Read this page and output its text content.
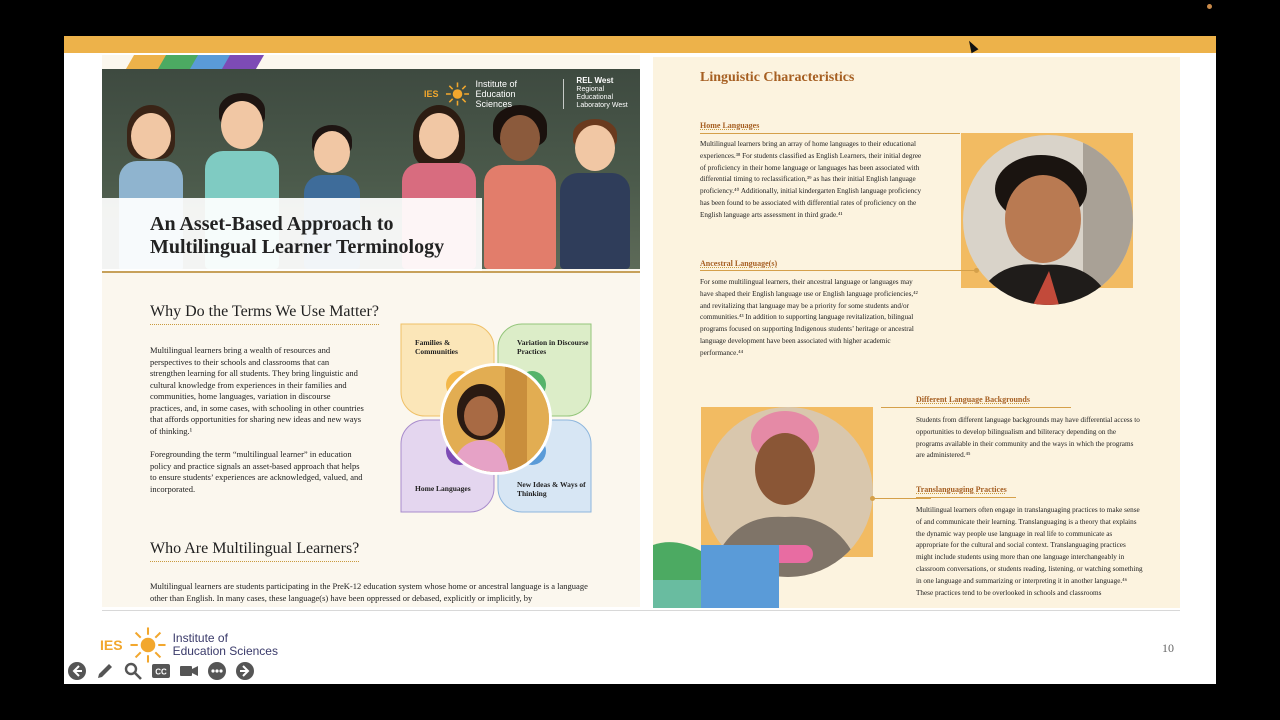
IES
Institute of
Education Sciences
REL West
Regional Educational
Laboratory West
An Asset-Based Approach to
Multilingual Learner Terminology
Why Do the Terms We Use Matter?
Multilingual learners bring a wealth of resources and perspectives to their schools and classrooms that can strengthen learning for all students. They bring linguistic and cultural knowledge from experiences in their families and communities, home languages, variation in discourse practices, and, in some cases, with schooling in other countries that affords opportunities for sharing new ideas and new ways of thinking.¹
Foregrounding the term “multilingual learner” in education policy and practice signals an asset-based approach that helps to ensure students’ experiences are acknowledged, valued, and incorporated.
Families & Communities
Variation in Discourse Practices
Home Languages	New Ideas & Ways of Thinking
Who Are Multilingual Learners?
Multilingual learners are students participating in the PreK-12 education system whose home or ancestral language is a language other than English. In many cases, these language(s) have been oppressed or debased, explicitly or implicitly, by
Linguistic Characteristics
Home Languages
Multilingual learners bring an array of home languages to their educational experiences.³⁸ For students classified as English Learners, their initial degree of proficiency in their home language or languages has been associated with differential timing to reclassification,³⁹ as has their initial English language proficiency.⁴⁰ Additionally, initial kindergarten English language proficiency has been found to be associated with differential rates of proficiency on the English language arts assessment in third grade.⁴¹
Ancestral Language(s)
For some multilingual learners, their ancestral language or languages may have shaped their English language use or English language proficiencies,⁴² and revitalizing that language may be a priority for some students and/or communities.⁴³ In addition to supporting language revitalization, bilingual programs focused on supporting Indigenous students’ heritage or ancestral language development have been associated with higher academic performance.⁴⁴
Different Language Backgrounds
Students from different language backgrounds may have differential access to opportunities to develop bilingualism and biliteracy depending on the programs available in their community and the ways in which the programs are administered.⁴⁵
Translanguaging Practices
Multilingual learners often engage in translanguaging practices to make sense of and communicate their learning. Translanguaging is a theory that explains the dynamic way people use language in real life to communicate as appropriate for the cultural and social context. Translanguaging practices might include students using more than one language interchangeably in classroom conversations, or students reading, listening, or watching something in one language and summarizing or interpreting it in another language.⁴⁶ These practices tend to be overlooked in schools and classrooms
IES	Institute of
Education Sciences	10
CC
